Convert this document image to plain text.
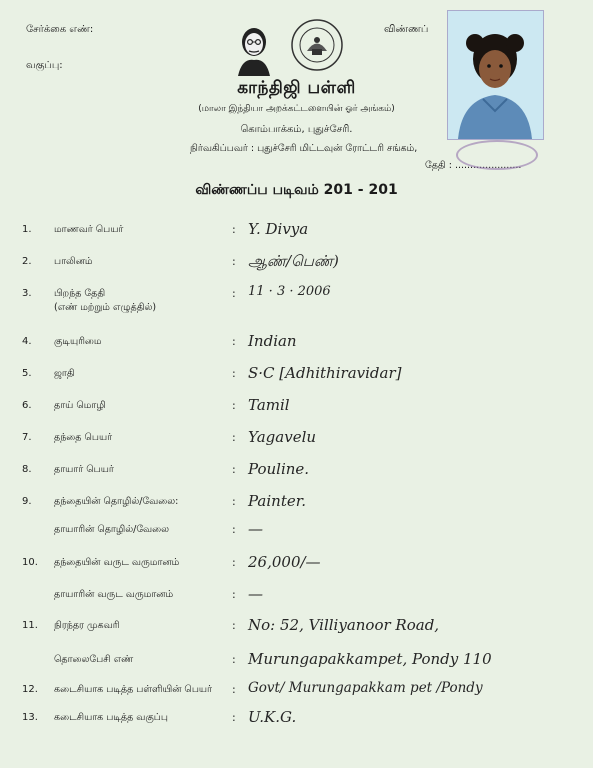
சேர்க்கை எண்:
வகுப்பு:
விண்ணப்
காந்திஜி பள்ளி
(மாலா இந்தியா அறக்கட்டளையின் ஓர் அங்கம்)
கொம்பாக்கம், புதுச்சேரி.
நிர்வகிப்பவர் : புதுச்சேரி மிட்டவுன் ரோட்டரி சங்கம்,
தேதி : ......................
விண்ணப்ப படிவம் 201 - 201
1.	மாணவர் பெயர்	: Y. Divya
2.	பாலினம்	: ஆண்/பெண்)
3.	பிறந்த தேதி
(எண் மற்றும் எழுத்தில்)
: 11 · 3 · 2006
4.	குடியுரிமை	: Indian
5.	ஜாதி	: S·C [Adhithiravidar]
6.	தாய் மொழி	: Tamil
7.	தந்தை பெயர்	: Yagavelu
8.	தாயார் பெயர்	: Pouline.
9.	தந்தையின் தொழில்/வேலை:	: Painter.
தாயாரின் தொழில்/வேலை	: —
10.	தந்தையின் வருட வருமானம்	: 26,000/—
தாயாரின் வருட வருமானம்	: —
11.	நிரந்தர முகவரி	: No: 52, Villiyanoor Road,
தொலைபேசி எண்	: Murungapakkampet, Pondy 110
12.	கடைசியாக படித்த பள்ளியின் பெயர் : Govt/ Murungapakkam pet /Pondy
13.	கடைசியாக படித்த வகுப்பு	: U.K.G.
